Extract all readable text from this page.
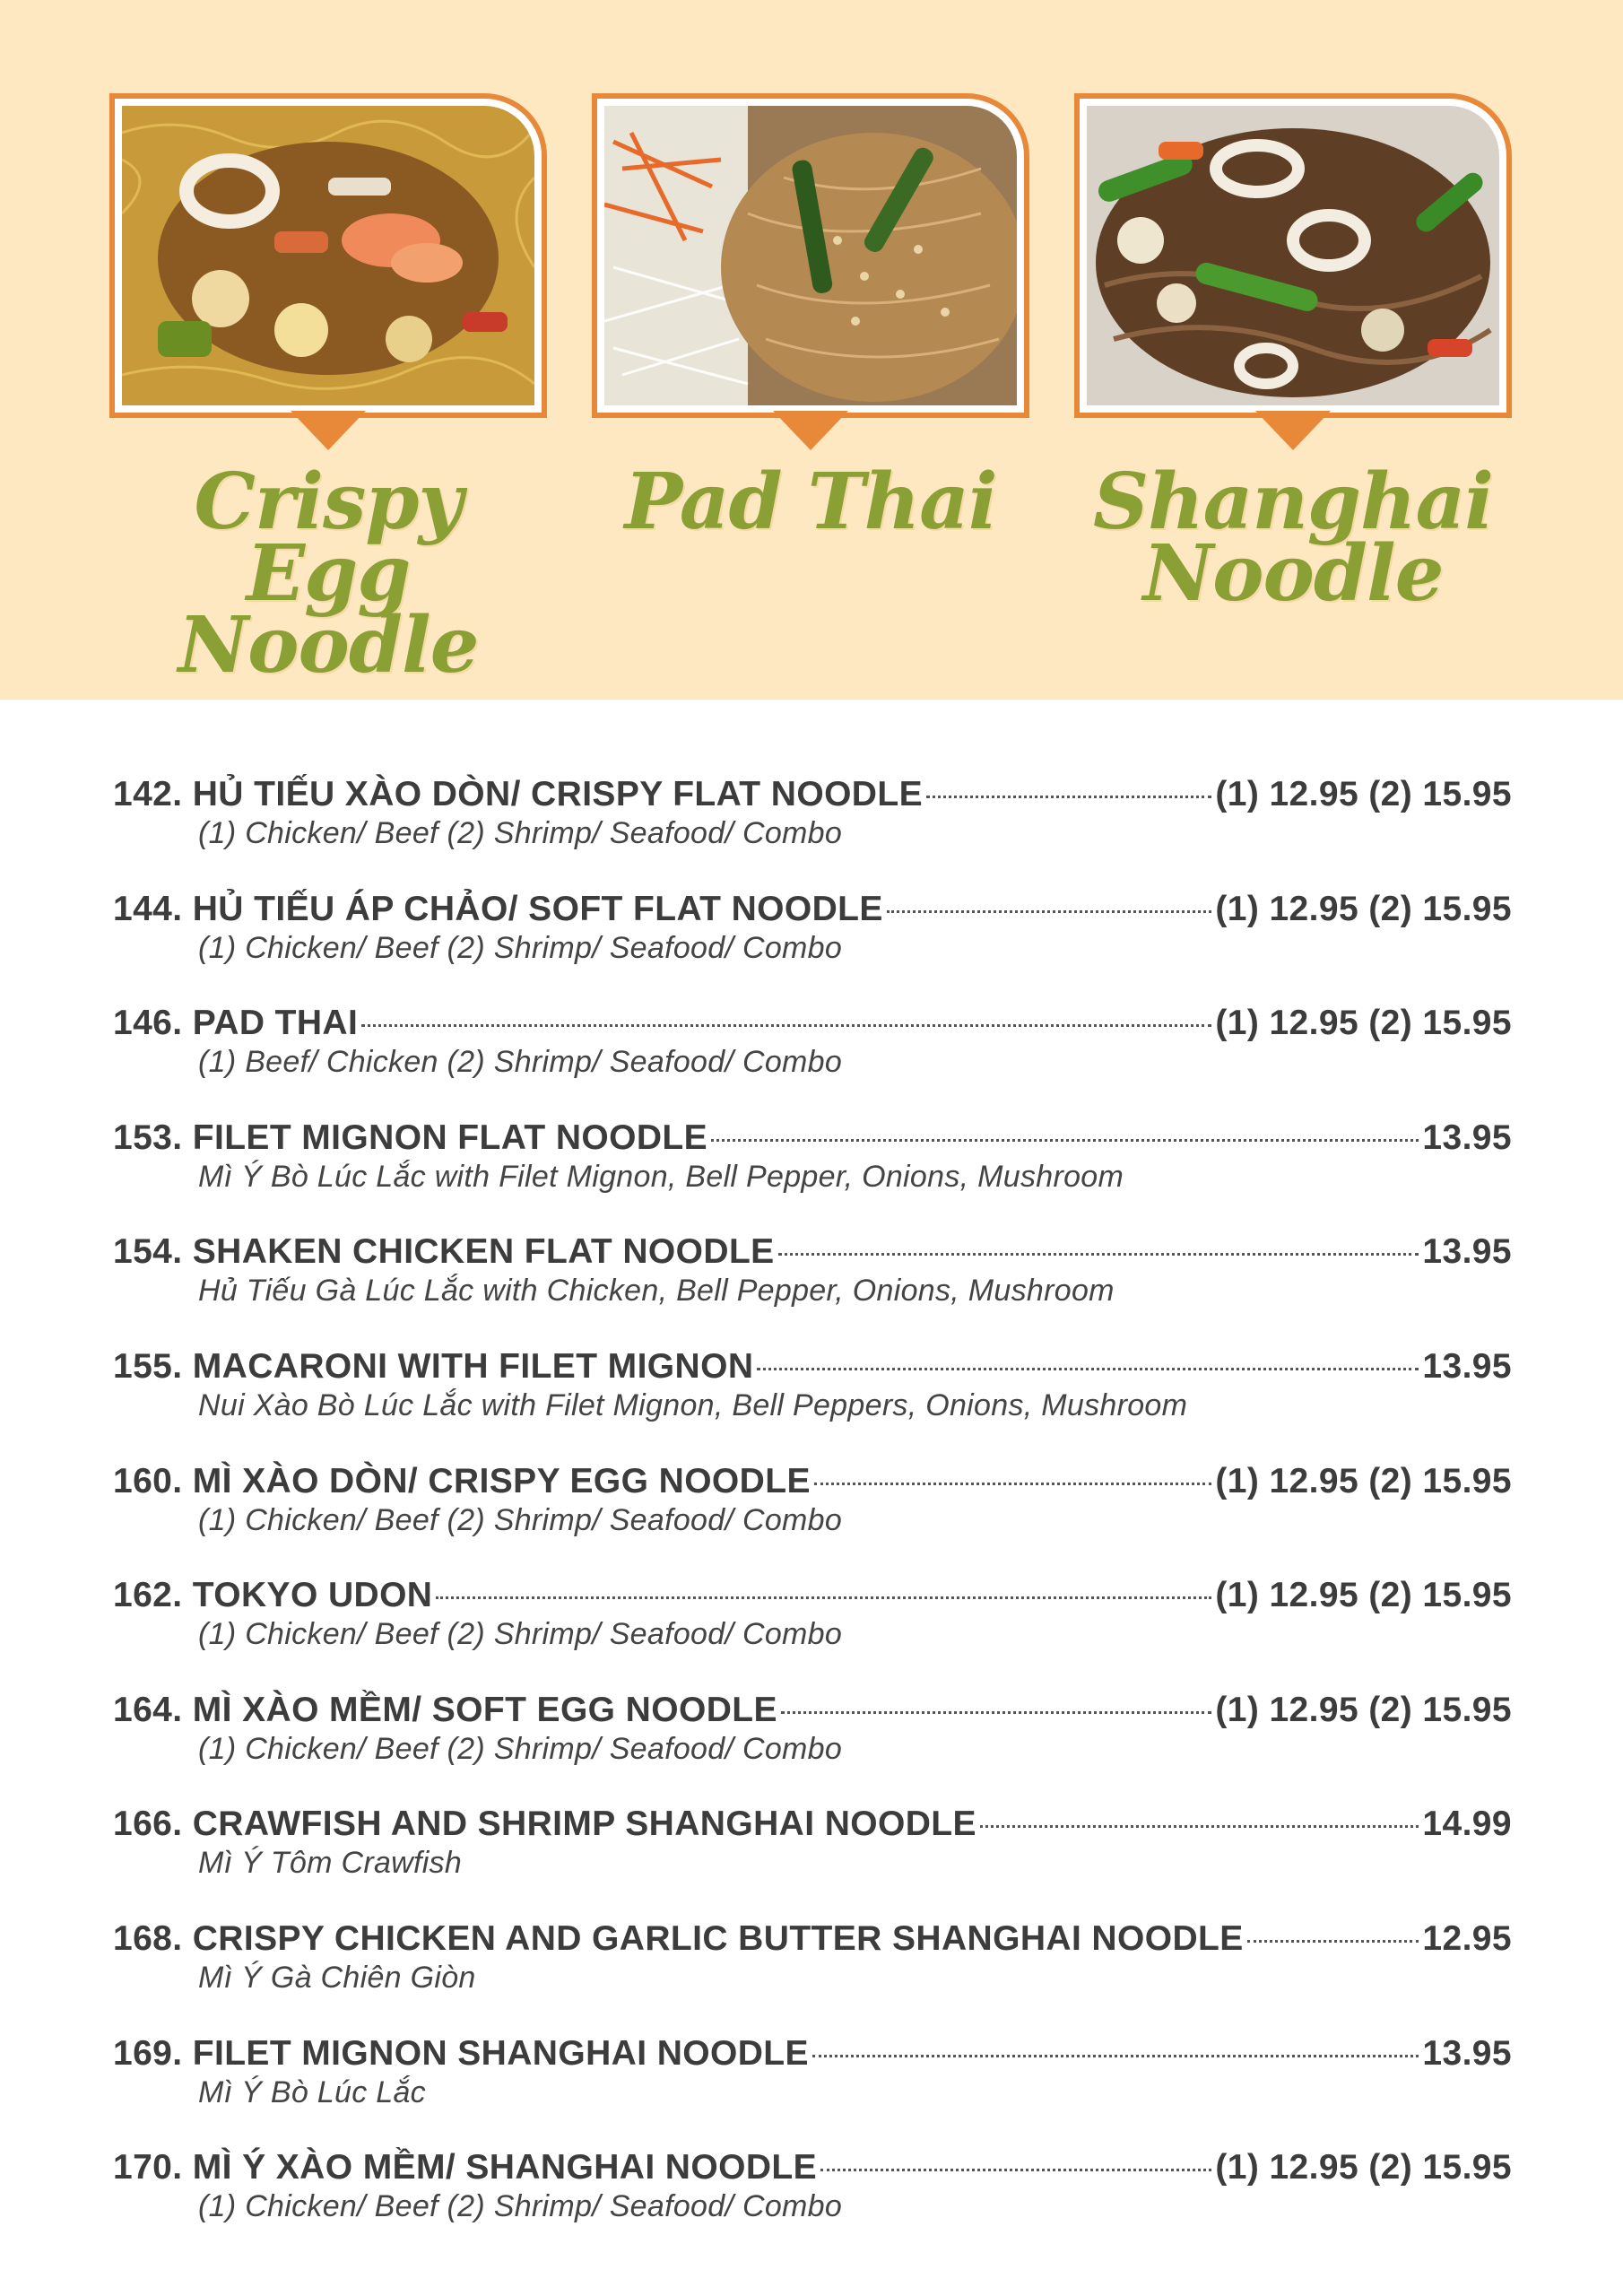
Crispy Egg
Noodle
Pad Thai	Shanghai
Noodle
142. HỦ TIẾU XÀO DÒN/ CRISPY FLAT NOODLE	(1) 12.95 (2) 15.95
(1) Chicken/ Beef (2) Shrimp/ Seafood/ Combo
144. HỦ TIẾU ÁP CHẢO/ SOFT FLAT NOODLE	(1) 12.95 (2) 15.95
(1) Chicken/ Beef (2) Shrimp/ Seafood/ Combo
146. PAD THAI	(1) 12.95 (2) 15.95
(1) Beef/ Chicken (2) Shrimp/ Seafood/ Combo
153. FILET MIGNON FLAT NOODLE	13.95
Mì Ý Bò Lúc Lắc with Filet Mignon, Bell Pepper, Onions, Mushroom
154. SHAKEN CHICKEN FLAT NOODLE	13.95
Hủ Tiếu Gà Lúc Lắc with Chicken, Bell Pepper, Onions, Mushroom
155. MACARONI WITH FILET MIGNON	13.95
Nui Xào Bò Lúc Lắc with Filet Mignon, Bell Peppers, Onions, Mushroom
160. MÌ XÀO DÒN/ CRISPY EGG NOODLE	(1) 12.95 (2) 15.95
(1) Chicken/ Beef (2) Shrimp/ Seafood/ Combo
162. TOKYO UDON	(1) 12.95 (2) 15.95
(1) Chicken/ Beef (2) Shrimp/ Seafood/ Combo
164. MÌ XÀO MỀM/ SOFT EGG NOODLE	(1) 12.95 (2) 15.95
(1) Chicken/ Beef (2) Shrimp/ Seafood/ Combo
166. CRAWFISH AND SHRIMP SHANGHAI NOODLE	14.99
Mì Ý Tôm Crawfish
168. CRISPY CHICKEN AND GARLIC BUTTER SHANGHAI NOODLE	12.95
Mì Ý Gà Chiên Giòn
169. FILET MIGNON SHANGHAI NOODLE	13.95
Mì Ý Bò Lúc Lắc
170. MÌ Ý XÀO MỀM/ SHANGHAI NOODLE	(1) 12.95 (2) 15.95
(1) Chicken/ Beef (2) Shrimp/ Seafood/ Combo
